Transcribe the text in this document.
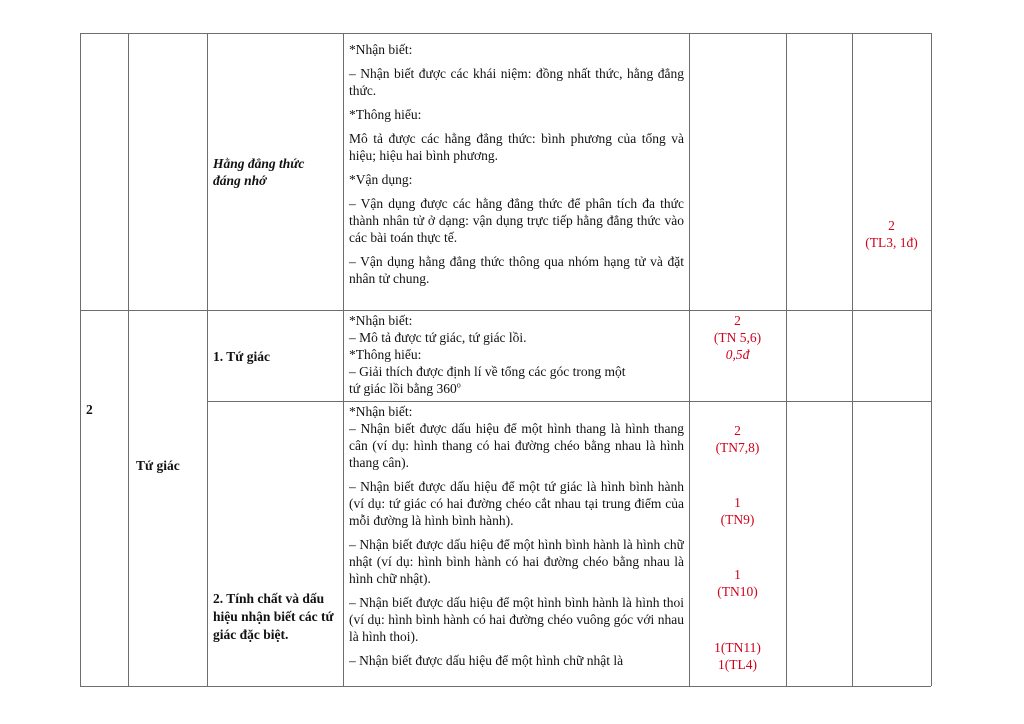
Hằng đẳng thức đáng nhớ

*Nhận biết:

– Nhận biết được các khái niệm: đồng nhất thức, hằng đẳng thức.

*Thông hiểu:

Mô tả được các hằng đẳng thức: bình phương của tổng và hiệu; hiệu hai bình phương.

*Vận dụng:

– Vận dụng được các hằng đẳng thức để phân tích đa thức thành nhân tử ở dạng: vận dụng trực tiếp hằng đẳng thức vào các bài toán thực tế.

– Vận dụng hằng đẳng thức thông qua nhóm hạng tử và đặt nhân tử chung.

2
(TL3, 1đ)
2
Tứ giác
1. Tứ giác

*Nhận biết:

– Mô tả được tứ giác, tứ giác lồi.

*Thông hiểu:

– Giải thích được định lí về tổng các góc trong một

tứ giác lồi bằng 360$^o$

2
(TN 5,6)
0,5đ
2. Tính chất và dấu hiệu nhận biết các tứ giác đặc biệt.

*Nhận biết:

– Nhận biết được dấu hiệu để một hình thang là hình thang cân (ví dụ: hình thang có hai đường chéo bằng nhau là hình thang cân).

– Nhận biết được dấu hiệu để một tứ giác là hình bình hành (ví dụ: tứ giác có hai đường chéo cắt nhau tại trung điểm của mỗi đường là hình bình hành).

– Nhận biết được dấu hiệu để một hình bình hành là hình chữ nhật (ví dụ: hình bình hành có hai đường chéo bằng nhau là hình chữ nhật).

– Nhận biết được dấu hiệu để một hình bình hành là hình thoi (ví dụ: hình bình hành có hai đường chéo vuông góc với nhau là hình thoi).

– Nhận biết được dấu hiệu để một hình chữ nhật là

2
(TN7,8)
1
(TN9)
1
(TN10)
1(TN11)
1(TL4)
